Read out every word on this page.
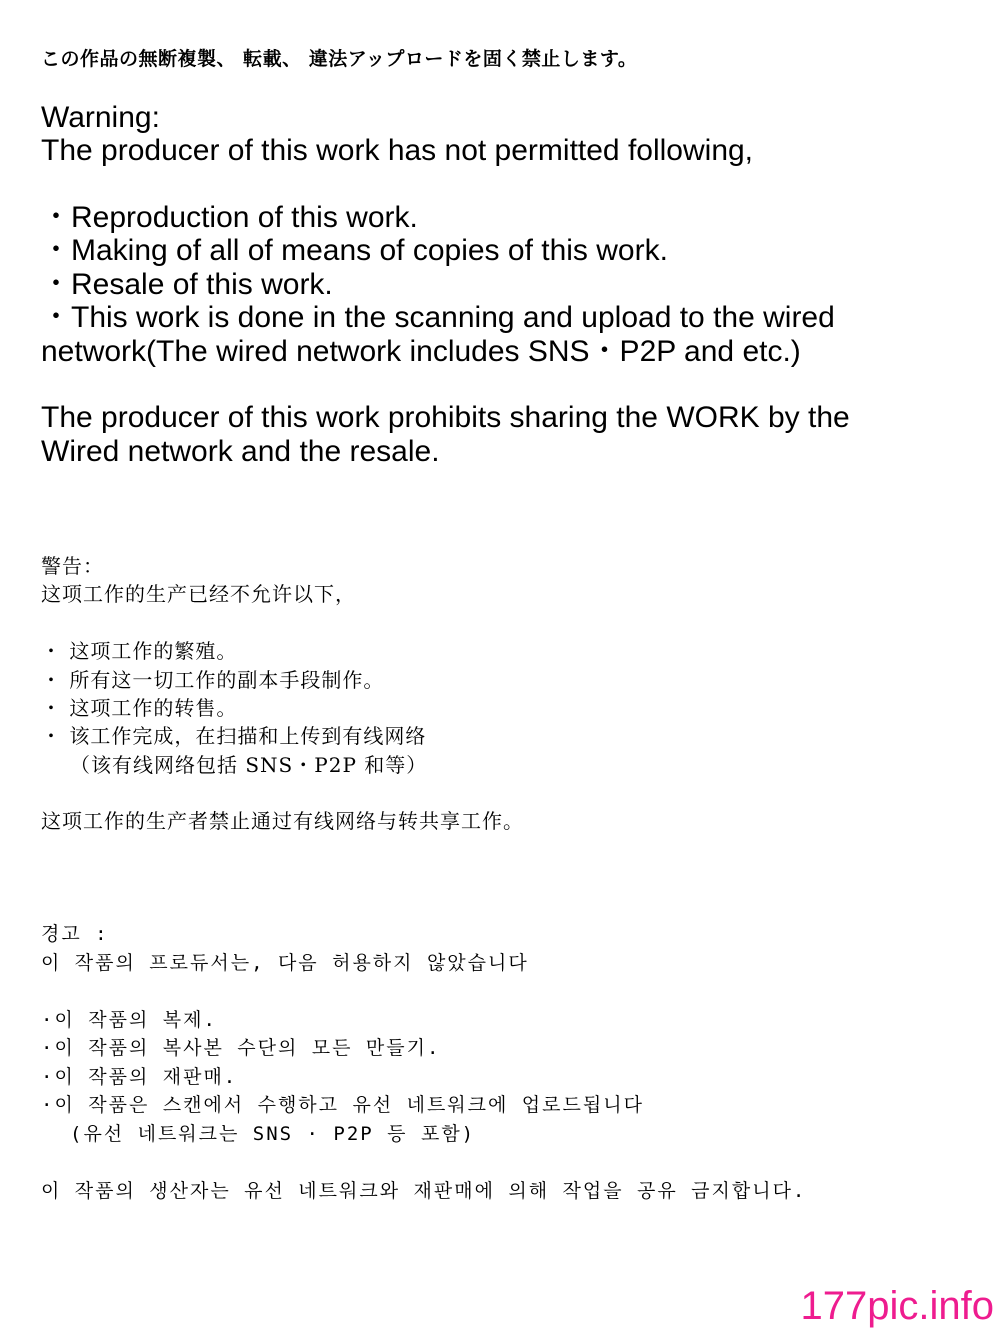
この作品の無断複製、 転載、 違法アップロードを固く禁止します。

Warning:

The producer of this work has not permitted following,

・Reproduction of this work.

・Making of all of means of copies of this work.

・Resale of this work.

・This work is done in the scanning and upload to the wired

network(The wired network includes SNS・P2P and etc.)

The producer of this work prohibits sharing the WORK by the

Wired network and the resale.

警告：

这项工作的生产已经不允许以下，

・ 这项工作的繁殖。

・ 所有这一切工作的副本手段制作。

・ 这项工作的转售。

・ 该工作完成，在扫描和上传到有线网络

（该有线网络包括 SNS・P2P 和等）

这项工作的生产者禁止通过有线网络与转共享工作。

경고 :

이 작품의 프로듀서는, 다음 허용하지 않았습니다

·이 작품의 복제.

·이 작품의 복사본 수단의 모든 만들기.

·이 작품의 재판매.

·이 작품은 스캔에서 수행하고 유선 네트워크에 업로드됩니다

(유선 네트워크는 SNS · P2P 등 포함)

이 작품의 생산자는 유선 네트워크와 재판매에 의해 작업을 공유 금지합니다.

177pic.info
